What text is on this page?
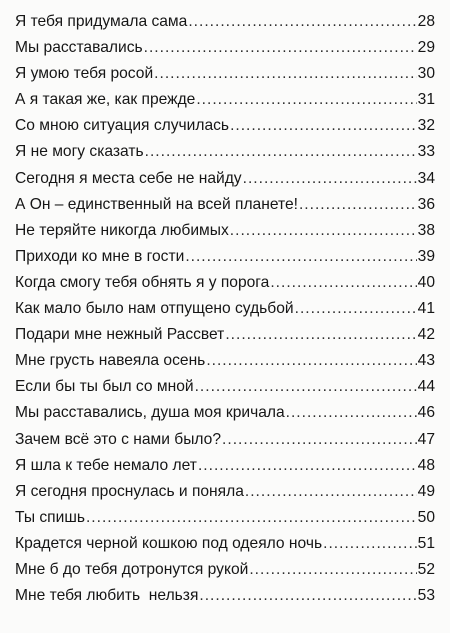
Я тебя придумала сама .....	28
Мы расставались .....	29
Я умою тебя росой .....	30
А я такая же, как прежде .....	31
Со мною ситуация случилась .....	32
Я не могу сказать .....	33
Сегодня я места себе не найду .....	34
А Он – единственный на всей планете! .....	36
Не теряйте никогда любимых .....	38
Приходи ко мне в гости .....	39
Когда смогу тебя обнять я у порога .....	40
Как мало было нам отпущено судьбой .....	41
Подари мне нежный Рассвет .....	42
Мне грусть навеяла осень .....	43
Если бы ты был со мной .....	44
Мы расставались, душа моя кричала .....	46
Зачем всё это с нами было? .....	47
Я шла к тебе немало лет .....	48
Я сегодня проснулась и поняла .....	49
Ты спишь .....	50
Крадется черной кошкою под одеяло ночь .....	51
Мне б до тебя дотронутся рукой .....	52
Мне тебя любить  нельзя .....	53
